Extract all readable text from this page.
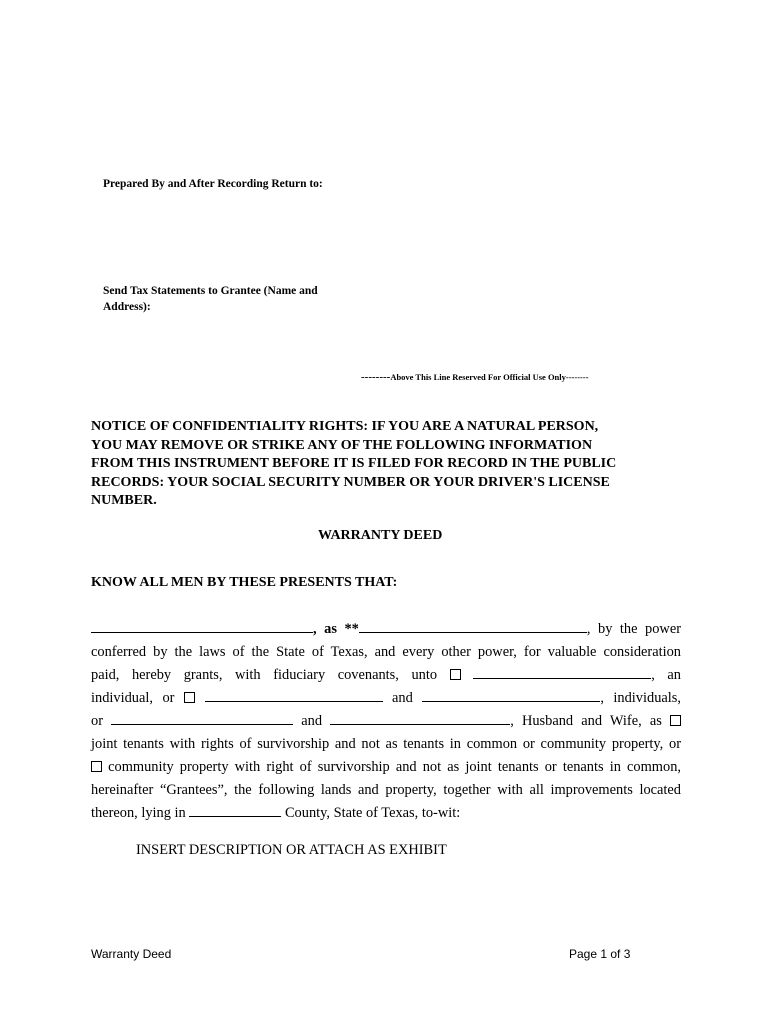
Prepared By and After Recording Return to:
Send Tax Statements to Grantee (Name and
Address):
--------Above This Line Reserved For Official Use Only--------
NOTICE OF CONFIDENTIALITY RIGHTS: IF YOU ARE A NATURAL PERSON,
YOU MAY REMOVE OR STRIKE ANY OF THE FOLLOWING INFORMATION
FROM THIS INSTRUMENT BEFORE IT IS FILED FOR RECORD IN THE PUBLIC
RECORDS: YOUR SOCIAL SECURITY NUMBER OR YOUR DRIVER'S LICENSE
NUMBER.
WARRANTY DEED
KNOW ALL MEN BY THESE PRESENTS THAT:
, as **	, by the power
conferred by the laws of the State of Texas, and every other power, for valuable consideration
paid, hereby grants, with fiduciary covenants, unto	, an
individual, or	and	, individuals,
or	and	, Husband and Wife, as
joint tenants with rights of survivorship and not as tenants in common or community property, or
community property with right of survivorship and not as joint tenants or tenants in common,
hereinafter “Grantees”, the following lands and property, together with all improvements located
thereon, lying in	County, State of Texas, to-wit:
INSERT DESCRIPTION OR ATTACH AS EXHIBIT
Warranty Deed	Page 1 of 3
